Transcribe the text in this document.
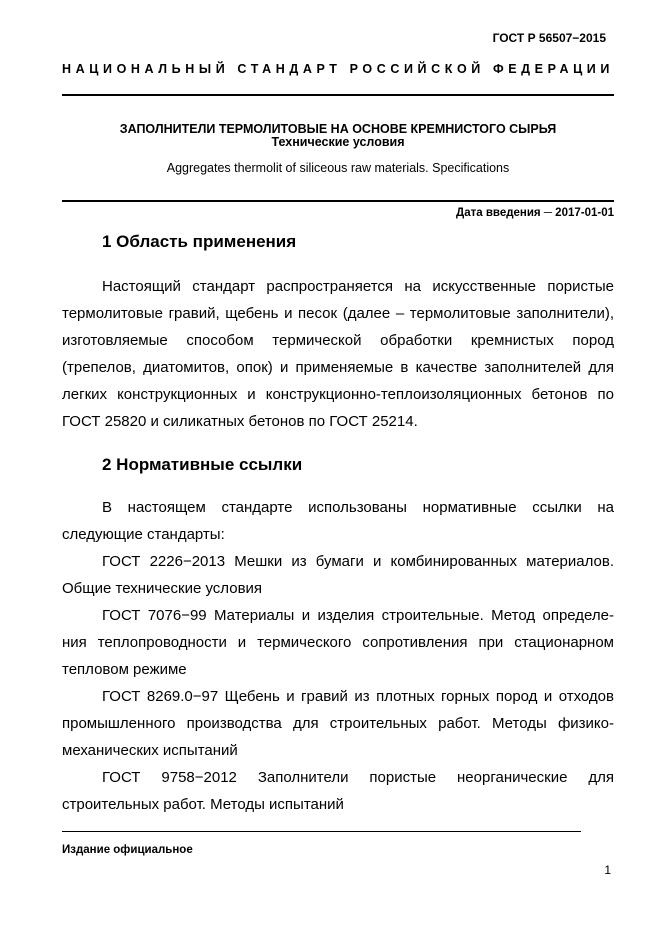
ГОСТ Р 56507−2015
НАЦИОНАЛЬНЫЙ СТАНДАРТ РОССИЙСКОЙ ФЕДЕРАЦИИ
ЗАПОЛНИТЕЛИ ТЕРМОЛИТОВЫЕ НА ОСНОВЕ КРЕМНИСТОГО СЫРЬЯ
Технические условия
Aggregates thermolit of siliceous raw materials. Specifications
Дата введения ─ 2017-01-01
1 Область применения

Настоящий стандарт распространяется на искусственные пористые термолитовые гравий, щебень и песок (далее – термолитовые заполнители), изготовляемые способом термической обработки кремнистых пород (трепелов, диатомитов, опок) и применяемые в качестве заполнителей для легких конструкционных и конструкционно-теплоизоляционных бетонов по ГОСТ 25820 и силикатных бетонов по ГОСТ 25214.

2 Нормативные ссылки

В настоящем стандарте использованы нормативные ссылки на следующие стандарты:

ГОСТ 2226−2013 Мешки из бумаги и комбинированных материалов. Общие технические условия

ГОСТ 7076−99 Материалы и изделия строительные. Метод определе-ния теплопроводности и термического сопротивления при стационарном тепловом режиме

ГОСТ 8269.0−97 Щебень и гравий из плотных горных пород и отходов промышленного производства для строительных работ. Методы физико-механических испытаний

ГОСТ 9758−2012 Заполнители пористые неорганические для строительных работ. Методы испытаний

Издание официальное
1
